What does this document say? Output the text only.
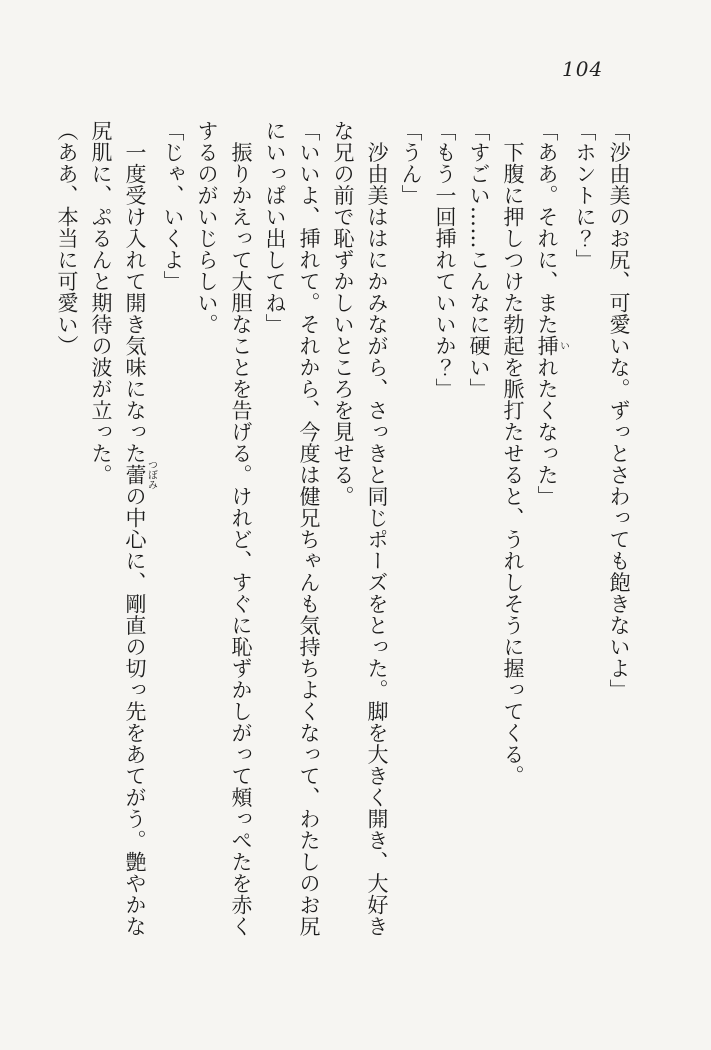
104

「沙由美のお尻、可愛いな。ずっとさわっても飽きないよ」

「ホントに？」

「ああ。それに、また挿いれたくなった」

　下腹に押しつけた勃起を脈打たせると、うれしそうに握ってくる。

「すごい……こんなに硬い」

「もう一回挿れていいか？」

「うん」

　沙由美ははにかみながら、さっきと同じポーズをとった。脚を大きく開き、大好きな兄の前で恥ずかしいところを見せる。

「いいよ、挿れて。それから、今度は健兄ちゃんも気持ちよくなって、わたしのお尻にいっぱい出してね」

　振りかえって大胆なことを告げる。けれど、すぐに恥ずかしがって頰っぺたを赤くするのがいじらしい。

「じゃ、いくよ」

　一度受け入れて開き気味になった蕾つぼみの中心に、剛直の切っ先をあてがう。艶やかな尻肌に、ぷるんと期待の波が立った。

（ああ、本当に可愛い）
